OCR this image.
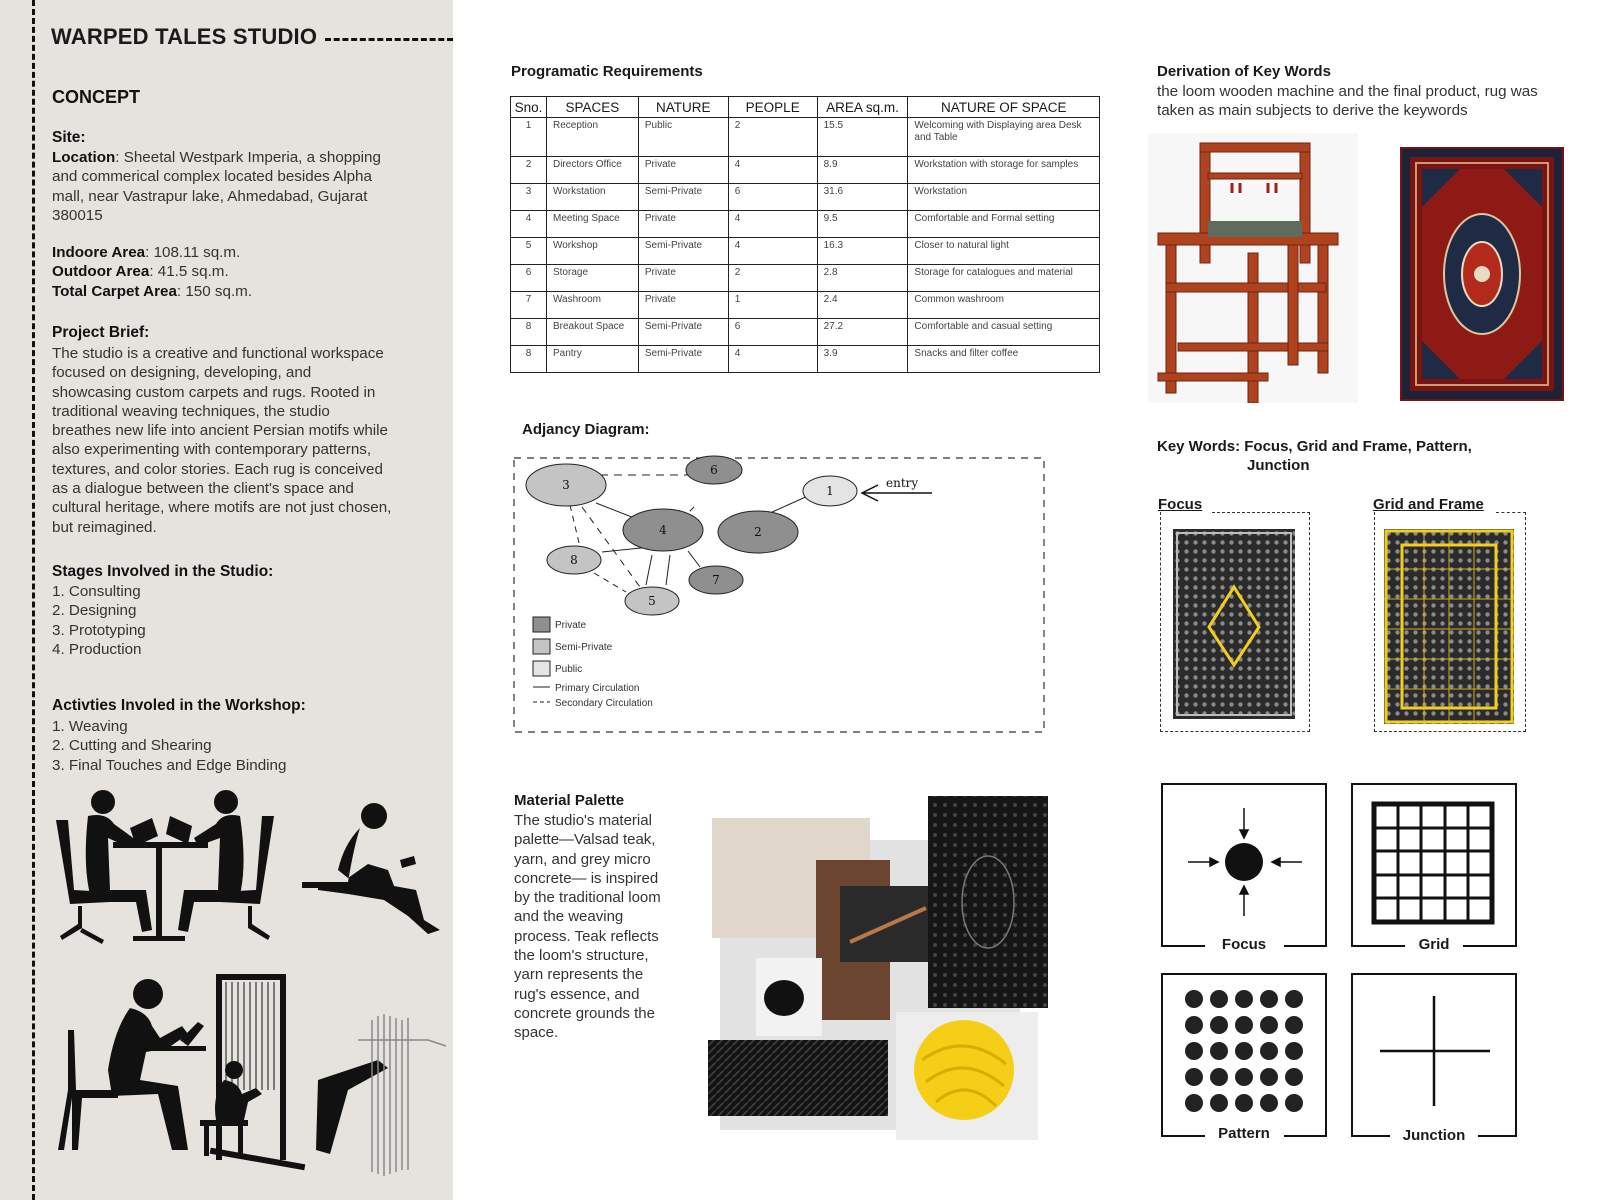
WARPED TALES STUDIO
CONCEPT
Site:
Location: Sheetal Westpark Imperia, a shopping and commerical complex located besides Alpha mall, near Vastrapur lake, Ahmedabad, Gujarat 380015
Indoore Area: 108.11 sq.m.
Outdoor Area: 41.5 sq.m.
Total Carpet Area: 150 sq.m.
Project Brief:
The studio is a creative and functional workspace focused on designing, developing, and showcasing custom carpets and rugs. Rooted in traditional weaving techniques, the studio breathes new life into ancient Persian motifs while also experimenting with contemporary patterns, textures, and color stories. Each rug is conceived as a dialogue between the client's space and cultural heritage, where motifs are not just chosen, but reimagined.
Stages Involved in the Studio:
1. Consulting
2. Designing
3. Prototyping
4. Production
Activties Involed in the Workshop:
1. Weaving
2. Cutting and Shearing
3. Final Touches and Edge Binding
Programatic Requirements
Sno.	SPACES	NATURE	PEOPLE	AREA sq.m.	NATURE OF SPACE
1	Reception	Public	2	15.5	Welcoming with Displaying area Desk and Table
2	Directors Office	Private	4	8.9	Workstation with storage for samples
3	Workstation	Semi-Private	6	31.6	Workstation
4	Meeting Space	Private	4	9.5	Comfortable and Formal setting
5	Workshop	Semi-Private	4	16.3	Closer to natural light
6	Storage	Private	2	2.8	Storage for catalogues and material
7	Washroom	Private	1	2.4	Common washroom
8	Breakout Space	Semi-Private	6	27.2	Comfortable and casual setting
8	Pantry	Semi-Private	4	3.9	Snacks and filter coffee
Adjancy Diagram:
3
6
1
4	2
8
7
5
entry
Private
Semi-Private
Public
Primary Circulation
Secondary Circulation
Material Palette
The studio's material palette—Valsad teak, yarn, and grey micro concrete— is inspired by the traditional loom and the weaving process. Teak reflects the loom's structure, yarn represents the rug's essence, and concrete grounds the space.
Derivation of Key Words
the loom wooden machine and the final product, rug was taken as main subjects to derive the keywords
Key Words: Focus, Grid and Frame, Pattern,
Junction
Focus	Grid and Frame
Focus	Grid
Pattern	Junction
